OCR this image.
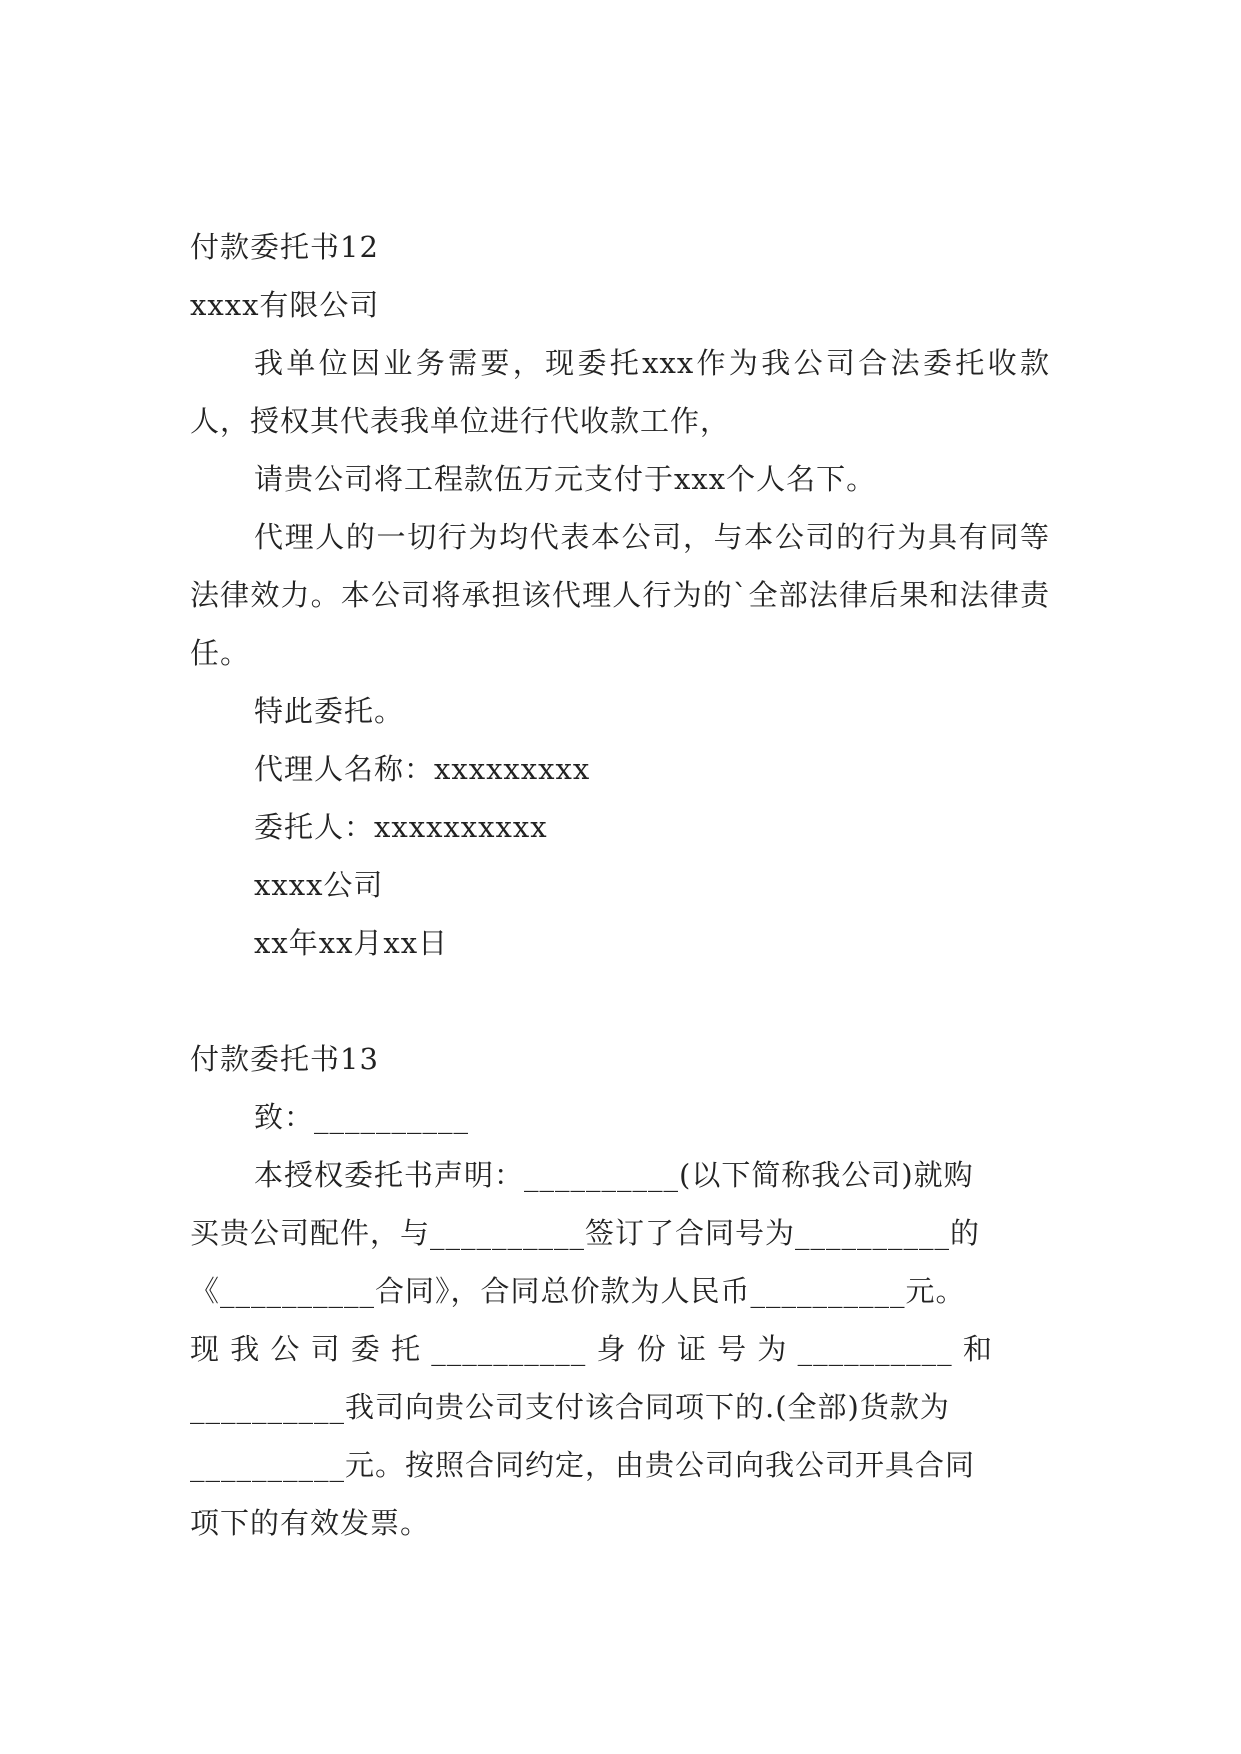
付款委托书12
xxxx有限公司

我单位因业务需要，现委托xxx作为我公司合法委托收款人，授权其代表我单位进行代收款工作，

请贵公司将工程款伍万元支付于xxx个人名下。

代理人的一切行为均代表本公司，与本公司的行为具有同等法律效力。本公司将承担该代理人行为的`全部法律后果和法律责任。

特此委托。
代理人名称：xxxxxxxxx
委托人：xxxxxxxxxx
xxxx公司
xx年xx月xx日
付款委托书13
致：__________
本授权委托书声明：__________(以下简称我公司)就购
买贵公司配件，与__________签订了合同号为__________的
《__________合同》，合同总价款为人民币__________元。
现 我 公 司 委 托 __________ 身 份 证 号 为 __________ 和
__________我司向贵公司支付该合同项下的.(全部)货款为
__________元。按照合同约定，由贵公司向我公司开具合同
项下的有效发票。
